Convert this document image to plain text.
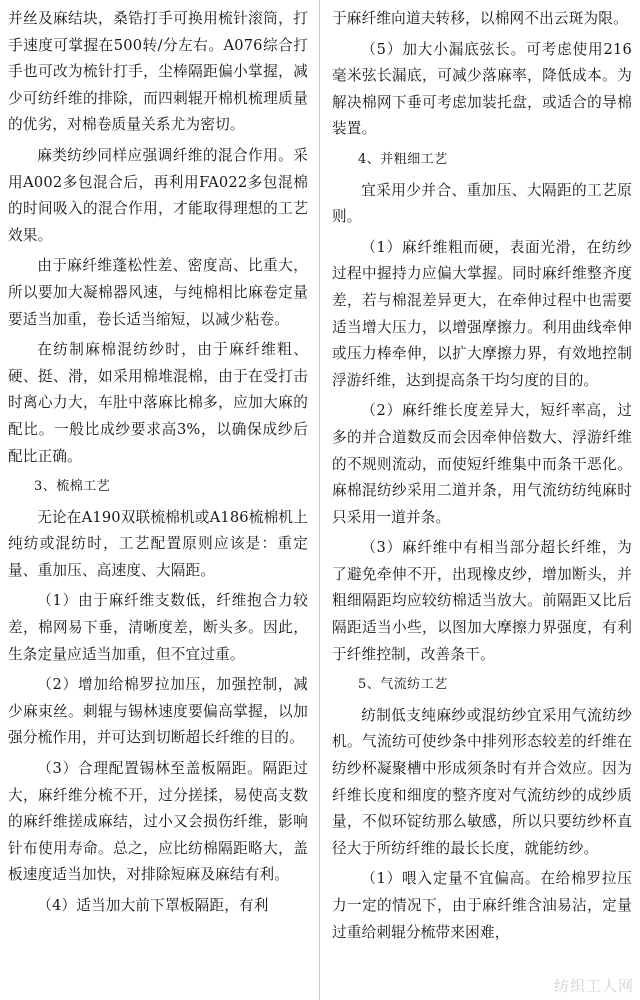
并丝及麻结块，桑锆打手可换用梳针滚筒，打手速度可掌握在500转/分左右。A076综合打手也可改为梳针打手，尘棒隔距偏小掌握，减少可纺纤维的排除，而四刺辊开棉机梳理质量的优劣，对棉卷质量关系尤为密切。

麻类纺纱同样应强调纤维的混合作用。采用A002多包混合后，再利用FA022多包混棉的时间吸入的混合作用，才能取得理想的工艺效果。

由于麻纤维蓬松性差、密度高、比重大，所以要加大凝棉器风速，与纯棉相比麻卷定量要适当加重，卷长适当缩短，以减少粘卷。

在纺制麻棉混纺纱时，由于麻纤维粗、硬、挺、滑，如采用棉堆混棉，由于在受打击时离心力大，车肚中落麻比棉多，应加大麻的配比。一般比成纱要求高3%，以确保成纱后配比正确。

3、梳棉工艺

无论在A190双联梳棉机或A186梳棉机上纯纺或混纺时，工艺配置原则应该是：重定量、重加压、高速度、大隔距。

（1）由于麻纤维支数低，纤维抱合力较差，棉网易下垂，清晰度差，断头多。因此，生条定量应适当加重，但不宜过重。

（2）增加给棉罗拉加压，加强控制，减少麻束丝。刺辊与锡林速度要偏高掌握，以加强分梳作用，并可达到切断超长纤维的目的。

（3）合理配置锡林至盖板隔距。隔距过大，麻纤维分梳不开，过分搓揉，易使高支数的麻纤维搓成麻结，过小又会损伤纤维，影响针布使用寿命。总之，应比纺棉隔距略大，盖板速度适当加快，对排除短麻及麻结有利。

（4）适当加大前下罩板隔距，有利

于麻纤维向道夫转移，以棉网不出云斑为限。

（5）加大小漏底弦长。可考虑使用216毫米弦长漏底，可减少落麻率，降低成本。为解决棉网下垂可考虑加装托盘，或适合的导棉装置。

4、并粗细工艺

宜采用少并合、重加压、大隔距的工艺原则。

（1）麻纤维粗而硬，表面光滑，在纺纱过程中握持力应偏大掌握。同时麻纤维整齐度差，若与棉混差异更大，在牵伸过程中也需要适当增大压力，以增强摩擦力。利用曲线牵伸或压力棒牵伸，以扩大摩擦力界，有效地控制浮游纤维，达到提高条干均匀度的目的。

（2）麻纤维长度差异大，短纤率高，过多的并合道数反而会因牵伸倍数大、浮游纤维的不规则流动，而使短纤维集中而条干恶化。麻棉混纺纱采用二道并条，用气流纺纺纯麻时只采用一道并条。

（3）麻纤维中有相当部分超长纤维，为了避免牵伸不开，出现橡皮纱，增加断头，并粗细隔距均应较纺棉适当放大。前隔距又比后隔距适当小些，以图加大摩擦力界强度，有利于纤维控制，改善条干。

5、气流纺工艺

纺制低支纯麻纱或混纺纱宜采用气流纺纱机。气流纺可使纱条中排列形态较差的纤维在纺纱杯凝聚槽中形成须条时有并合效应。因为纤维长度和细度的整齐度对气流纺纱的成纱质量，不似环锭纺那么敏感，所以只要纺纱杯直径大于所纺纤维的最长长度，就能纺纱。

（1）喂入定量不宜偏高。在给棉罗拉压力一定的情况下，由于麻纤维含油易沾，定量过重给刺辊分梳带来困难，

纺织工人网
